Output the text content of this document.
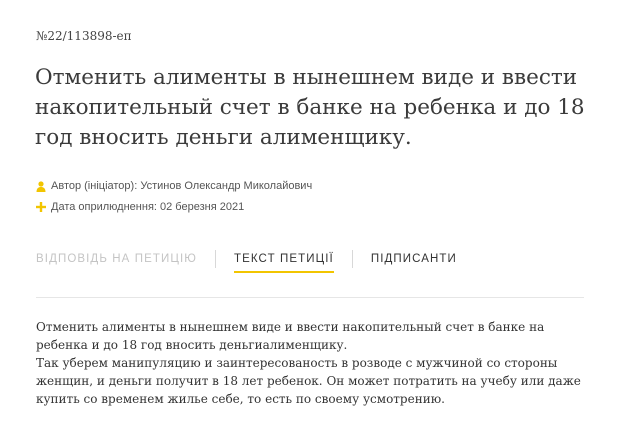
№22/113898-еп
Отменить алименты в нынешнем виде и ввести накопительный счет в банке на ребенка и до 18 год вносить деньги алименщику.
Автор (ініціатор): Устинов Олександр Миколайович
Дата оприлюднення: 02 березня 2021
ВІДПОВІДЬ НА ПЕТИЦІЮ	ТЕКСТ ПЕТИЦІЇ	ПІДПИСАНТИ

Отменить алименты в нынешнем виде и ввести накопительный счет в банке на ребенка и до 18 год вносить деньгиалименщику.

Так уберем манипуляцию и заинтересованость в розводе с мужчиной со стороны женщин, и деньги получит в 18 лет ребенок. Он может потратить на учебу или даже купить со временем жилье себе, то есть по своему усмотрению.
